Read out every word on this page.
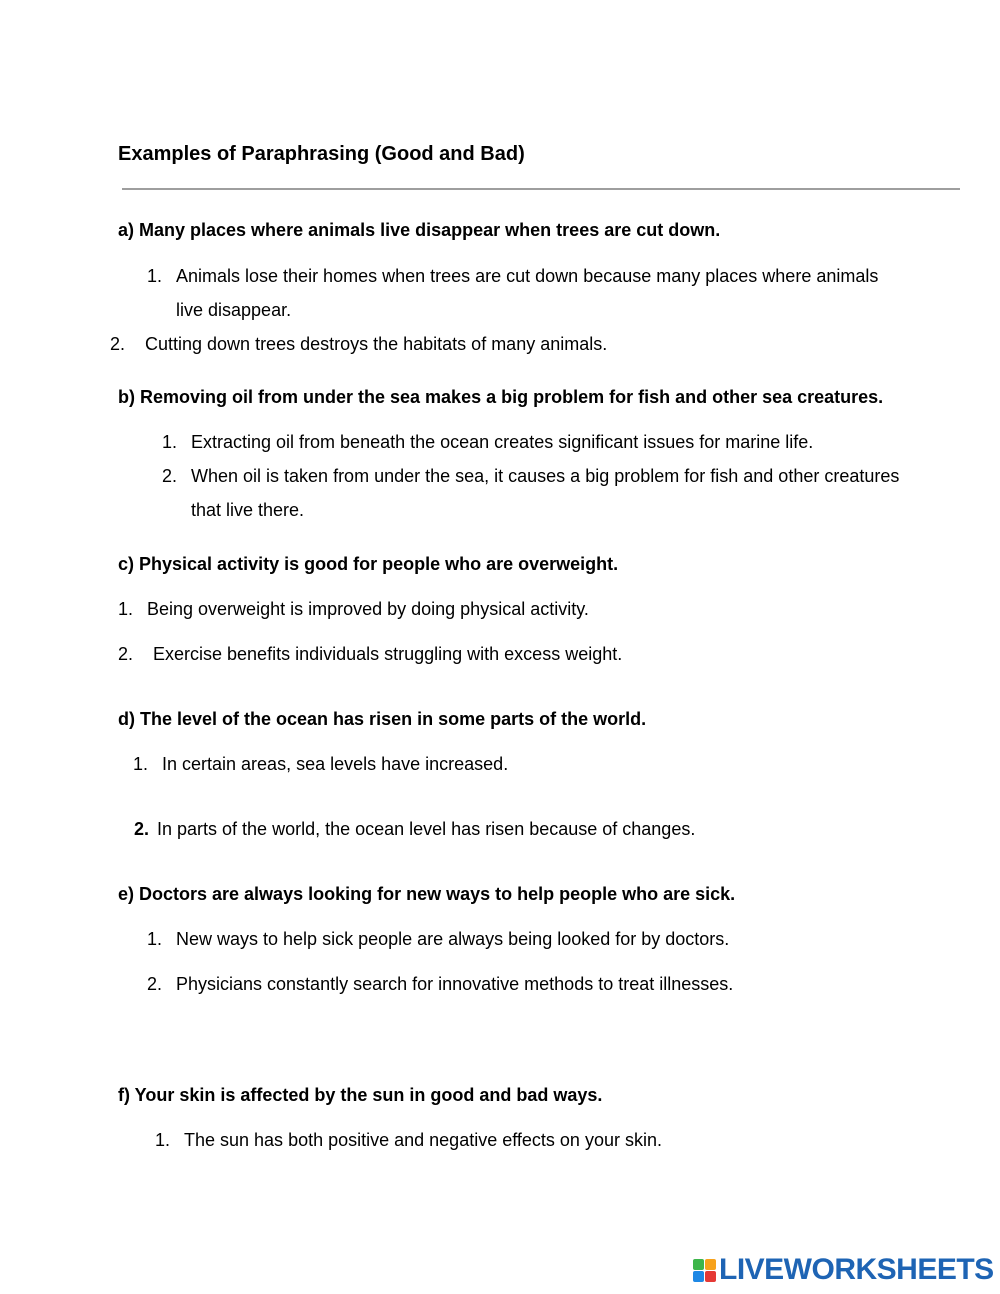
Examples of Paraphrasing (Good and Bad)
a) Many places where animals live disappear when trees are cut down.
1. Animals lose their homes when trees are cut down because many places where animals
live disappear.
2. Cutting down trees destroys the habitats of many animals.
b) Removing oil from under the sea makes a big problem for fish and other sea creatures.
1. Extracting oil from beneath the ocean creates significant issues for marine life.
2. When oil is taken from under the sea, it causes a big problem for fish and other creatures
that live there.
c) Physical activity is good for people who are overweight.
1. Being overweight is improved by doing physical activity.
2. Exercise benefits individuals struggling with excess weight.
d) The level of the ocean has risen in some parts of the world.
1. In certain areas, sea levels have increased.
2. In parts of the world, the ocean level has risen because of changes.
e) Doctors are always looking for new ways to help people who are sick.
1. New ways to help sick people are always being looked for by doctors.
2. Physicians constantly search for innovative methods to treat illnesses.
f) Your skin is affected by the sun in good and bad ways.
1. The sun has both positive and negative effects on your skin.
LIVEWORKSHEETS
